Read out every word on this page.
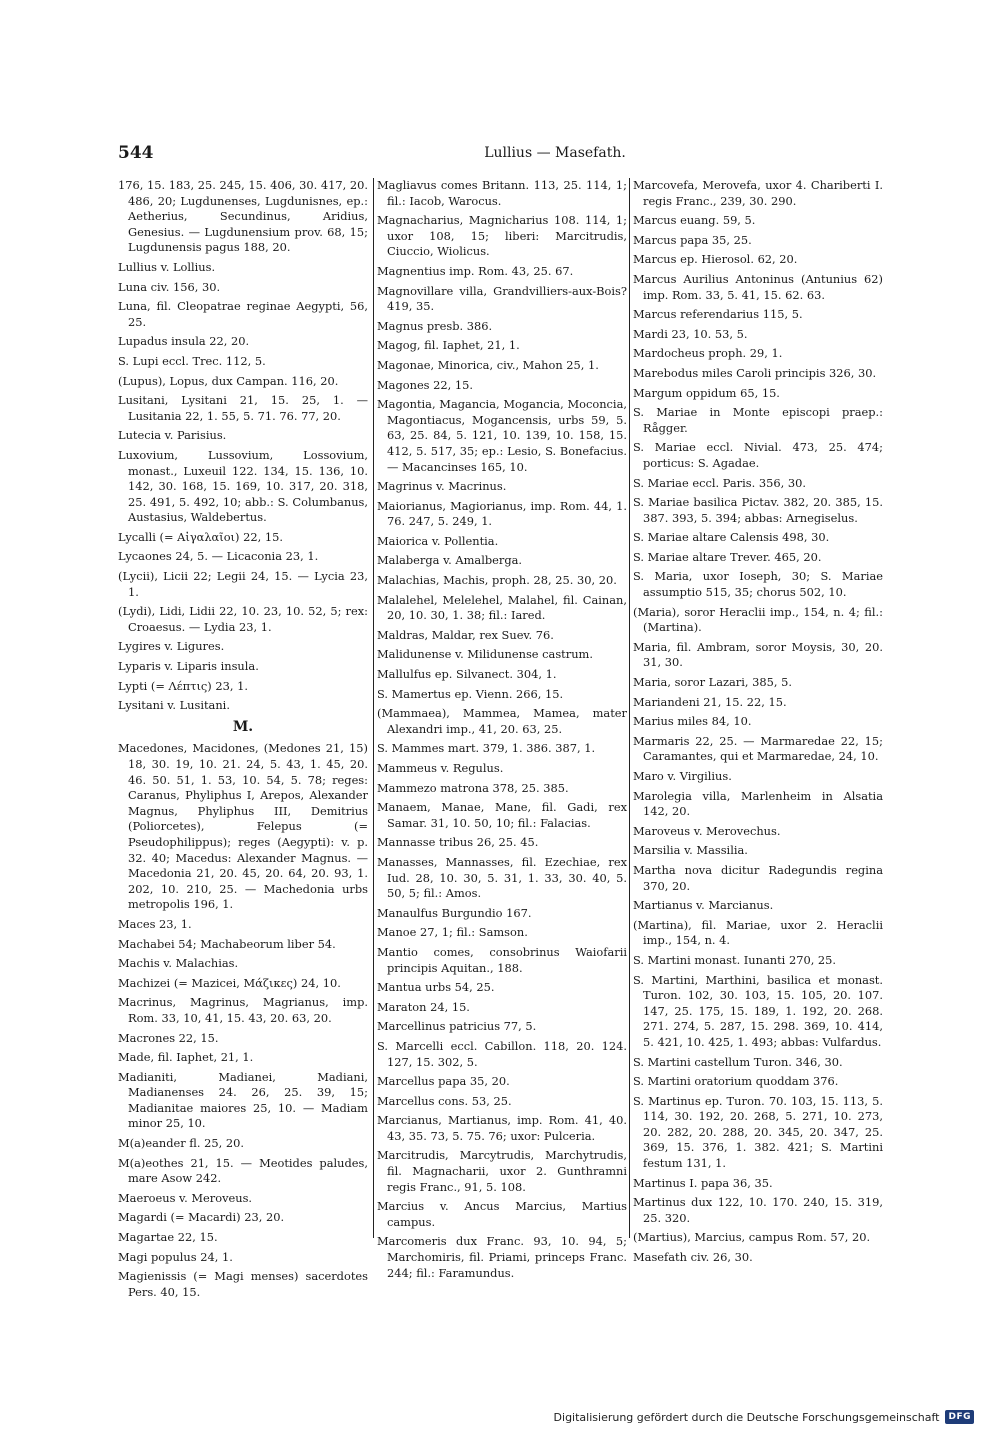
544	Lullius — Masefath.
176, 15. 183, 25. 245, 15. 406, 30. 417, 20. 486, 20; Lugdunenses, Lugdunisnes, ep.: Aetherius, Secundinus, Aridius, Genesius. — Lugdunensium prov. 68, 15; Lugdunensis pagus 188, 20.
Lullius v. Lollius.
Luna civ. 156, 30.
Luna, fil. Cleopatrae reginae Aegypti, 56, 25.
Lupadus insula 22, 20.
S. Lupi eccl. Trec. 112, 5.
(Lupus), Lopus, dux Campan. 116, 20.
Lusitani, Lysitani 21, 15. 25, 1. — Lusitania 22, 1. 55, 5. 71. 76. 77, 20.
Lutecia v. Parisius.
Luxovium, Lussovium, Lossovium, monast., Luxeuil 122. 134, 15. 136, 10. 142, 30. 168, 15. 169, 10. 317, 20. 318, 25. 491, 5. 492, 10; abb.: S. Columbanus, Austasius, Waldebertus.
Lycalli (= Αἰγαλαῖοι) 22, 15.
Lycaones 24, 5. — Licaconia 23, 1.
(Lycii), Licii 22; Legii 24, 15. — Lycia 23, 1.
(Lydi), Lidi, Lidii 22, 10. 23, 10. 52, 5; rex: Croaesus. — Lydia 23, 1.
Lygires v. Ligures.
Lyparis v. Liparis insula.
Lypti (= Λέπτις) 23, 1.
Lysitani v. Lusitani.
M.
Macedones, Macidones, (Medones 21, 15) 18, 30. 19, 10. 21. 24, 5. 43, 1. 45, 20. 46. 50. 51, 1. 53, 10. 54, 5. 78; reges: Caranus, Phyliphus I, Arepos, Alexander Magnus, Phyliphus III, Demitrius (Poliorcetes), Felepus (= Pseudophilippus); reges (Aegypti): v. p. 32. 40; Macedus: Alexander Magnus. — Macedonia 21, 20. 45, 20. 64, 20. 93, 1. 202, 10. 210, 25. — Machedonia urbs metropolis 196, 1.
Maces 23, 1.
Machabei 54; Machabeorum liber 54.
Machis v. Malachias.
Machizei (= Mazicei, Μάζικες) 24, 10.
Macrinus, Magrinus, Magrianus, imp. Rom. 33, 10, 41, 15. 43, 20. 63, 20.
Macrones 22, 15.
Made, fil. Iaphet, 21, 1.
Madianiti, Madianei, Madiani, Madianenses 24. 26, 25. 39, 15; Madianitae maiores 25, 10. — Madiam minor 25, 10.
M(a)eander fl. 25, 20.
M(a)eothes 21, 15. — Meotides paludes, mare Asow 242.
Maeroeus v. Meroveus.
Magardi (= Macardi) 23, 20.
Magartae 22, 15.
Magi populus 24, 1.
Magienissis (= Magi menses) sacerdotes Pers. 40, 15.
Magliavus comes Britann. 113, 25. 114, 1; fil.: Iacob, Warocus.
Magnacharius, Magnicharius 108. 114, 1; uxor 108, 15; liberi: Marcitrudis, Ciuccio, Wiolicus.
Magnentius imp. Rom. 43, 25. 67.
Magnovillare villa, Grandvilliers-aux-Bois? 419, 35.
Magnus presb. 386.
Magog, fil. Iaphet, 21, 1.
Magonae, Minorica, civ., Mahon 25, 1.
Magones 22, 15.
Magontia, Magancia, Mogancia, Moconcia, Magontiacus, Mogancensis, urbs 59, 5. 63, 25. 84, 5. 121, 10. 139, 10. 158, 15. 412, 5. 517, 35; ep.: Lesio, S. Bonefacius. — Macancinses 165, 10.
Magrinus v. Macrinus.
Maiorianus, Magiorianus, imp. Rom. 44, 1. 76. 247, 5. 249, 1.
Maiorica v. Pollentia.
Malaberga v. Amalberga.
Malachias, Machis, proph. 28, 25. 30, 20.
Malalehel, Melelehel, Malahel, fil. Cainan, 20, 10. 30, 1. 38; fil.: Iared.
Maldras, Maldar, rex Suev. 76.
Malidunense v. Milidunense castrum.
Mallulfus ep. Silvanect. 304, 1.
S. Mamertus ep. Vienn. 266, 15.
(Mammaea), Mammea, Mamea, mater Alexandri imp., 41, 20. 63, 25.
S. Mammes mart. 379, 1. 386. 387, 1.
Mammeus v. Regulus.
Mammezo matrona 378, 25. 385.
Manaem, Manae, Mane, fil. Gadi, rex Samar. 31, 10. 50, 10; fil.: Falacias.
Mannasse tribus 26, 25. 45.
Manasses, Mannasses, fil. Ezechiae, rex Iud. 28, 10. 30, 5. 31, 1. 33, 30. 40, 5. 50, 5; fil.: Amos.
Manaulfus Burgundio 167.
Manoe 27, 1; fil.: Samson.
Mantio comes, consobrinus Waiofarii principis Aquitan., 188.
Mantua urbs 54, 25.
Maraton 24, 15.
Marcellinus patricius 77, 5.
S. Marcelli eccl. Cabillon. 118, 20. 124. 127, 15. 302, 5.
Marcellus papa 35, 20.
Marcellus cons. 53, 25.
Marcianus, Martianus, imp. Rom. 41, 40. 43, 35. 73, 5. 75. 76; uxor: Pulceria.
Marcitrudis, Marcytrudis, Marchytrudis, fil. Magnacharii, uxor 2. Gunthramni regis Franc., 91, 5. 108.
Marcius v. Ancus Marcius, Martius campus.
Marcomeris dux Franc. 93, 10. 94, 5; Marchomiris, fil. Priami, princeps Franc. 244; fil.: Faramundus.
Marcovefa, Merovefa, uxor 4. Chariberti I. regis Franc., 239, 30. 290.
Marcus euang. 59, 5.
Marcus papa 35, 25.
Marcus ep. Hierosol. 62, 20.
Marcus Aurilius Antoninus (Antunius 62) imp. Rom. 33, 5. 41, 15. 62. 63.
Marcus referendarius 115, 5.
Mardi 23, 10. 53, 5.
Mardocheus proph. 29, 1.
Marebodus miles Caroli principis 326, 30.
Margum oppidum 65, 15.
S. Mariae in Monte episcopi praep.: Rågger.
S. Mariae eccl. Nivial. 473, 25. 474; porticus: S. Agadae.
S. Mariae eccl. Paris. 356, 30.
S. Mariae basilica Pictav. 382, 20. 385, 15. 387. 393, 5. 394; abbas: Arnegiselus.
S. Mariae altare Calensis 498, 30.
S. Mariae altare Trever. 465, 20.
S. Maria, uxor Ioseph, 30; S. Mariae assumptio 515, 35; chorus 502, 10.
(Maria), soror Heraclii imp., 154, n. 4; fil.: (Martina).
Maria, fil. Ambram, soror Moysis, 30, 20. 31, 30.
Maria, soror Lazari, 385, 5.
Mariandeni 21, 15. 22, 15.
Marius miles 84, 10.
Marmaris 22, 25. — Marmaredae 22, 15; Caramantes, qui et Marmaredae, 24, 10.
Maro v. Virgilius.
Marolegia villa, Marlenheim in Alsatia 142, 20.
Maroveus v. Merovechus.
Marsilia v. Massilia.
Martha nova dicitur Radegundis regina 370, 20.
Martianus v. Marcianus.
(Martina), fil. Mariae, uxor 2. Heraclii imp., 154, n. 4.
S. Martini monast. Iunanti 270, 25.
S. Martini, Marthini, basilica et monast. Turon. 102, 30. 103, 15. 105, 20. 107. 147, 25. 175, 15. 189, 1. 192, 20. 268. 271. 274, 5. 287, 15. 298. 369, 10. 414, 5. 421, 10. 425, 1. 493; abbas: Vulfardus.
S. Martini castellum Turon. 346, 30.
S. Martini oratorium quoddam 376.
S. Martinus ep. Turon. 70. 103, 15. 113, 5. 114, 30. 192, 20. 268, 5. 271, 10. 273, 20. 282, 20. 288, 20. 345, 20. 347, 25. 369, 15. 376, 1. 382. 421; S. Martini festum 131, 1.
Martinus I. papa 36, 35.
Martinus dux 122, 10. 170. 240, 15. 319, 25. 320.
(Martius), Marcius, campus Rom. 57, 20.
Masefath civ. 26, 30.
Digitalisierung gefördert durch die Deutsche Forschungsgemeinschaft	DFG
